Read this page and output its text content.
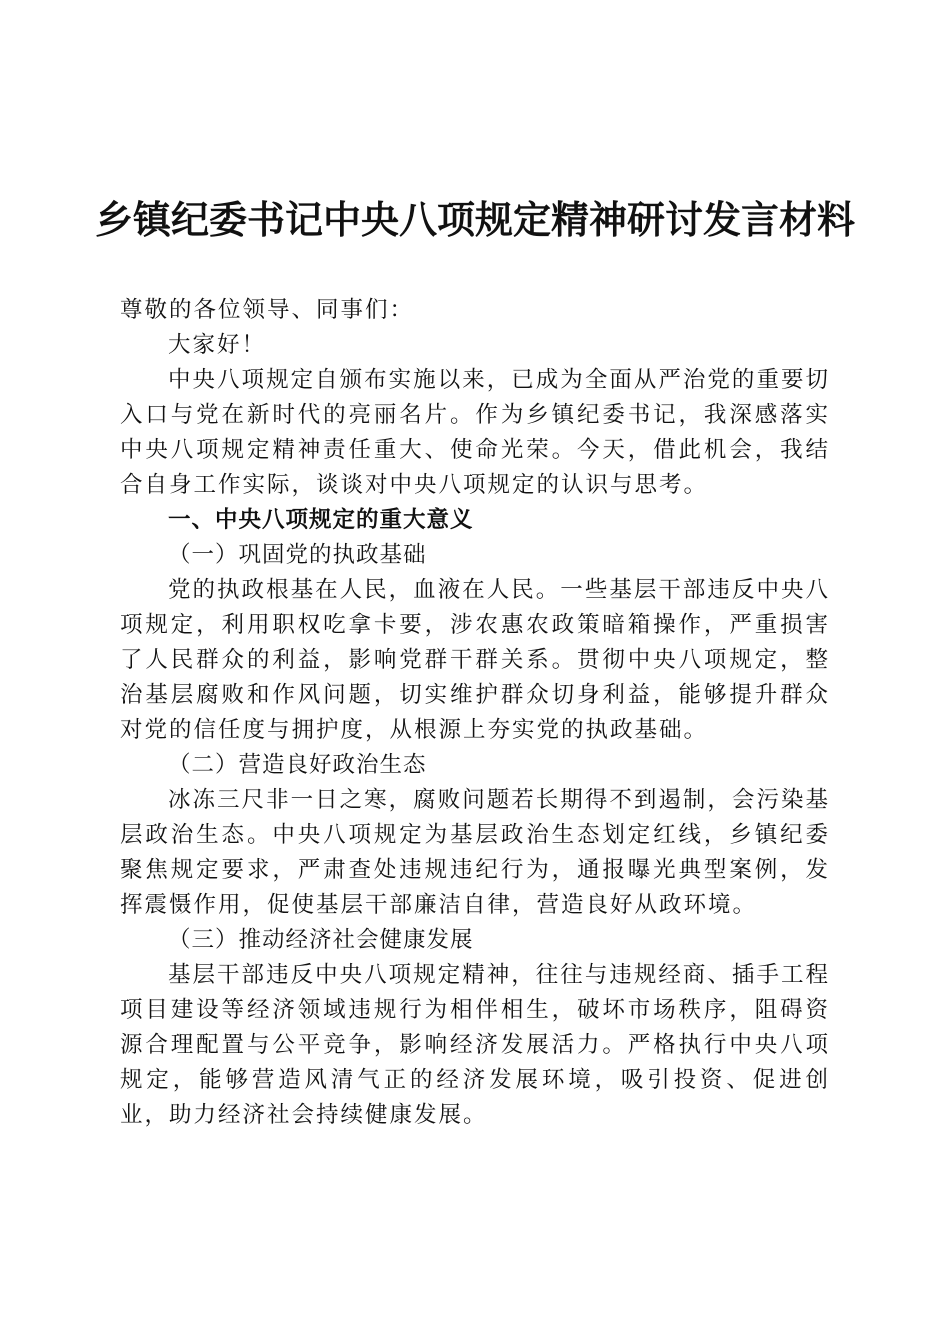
乡镇纪委书记中央八项规定精神研讨发言材料

尊敬的各位领导、同事们：

大家好！

中央八项规定自颁布实施以来，已成为全面从严治党的重要切入口与党在新时代的亮丽名片。作为乡镇纪委书记，我深感落实中央八项规定精神责任重大、使命光荣。今天，借此机会，我结合自身工作实际，谈谈对中央八项规定的认识与思考。

一、中央八项规定的重大意义

（一）巩固党的执政基础

党的执政根基在人民，血液在人民。一些基层干部违反中央八项规定，利用职权吃拿卡要，涉农惠农政策暗箱操作，严重损害了人民群众的利益，影响党群干群关系。贯彻中央八项规定，整治基层腐败和作风问题，切实维护群众切身利益，能够提升群众对党的信任度与拥护度，从根源上夯实党的执政基础。

（二）营造良好政治生态

冰冻三尺非一日之寒，腐败问题若长期得不到遏制，会污染基层政治生态。中央八项规定为基层政治生态划定红线，乡镇纪委聚焦规定要求，严肃查处违规违纪行为，通报曝光典型案例，发挥震慑作用，促使基层干部廉洁自律，营造良好从政环境。

（三）推动经济社会健康发展

基层干部违反中央八项规定精神，往往与违规经商、插手工程项目建设等经济领域违规行为相伴相生，破坏市场秩序，阻碍资源合理配置与公平竞争，影响经济发展活力。严格执行中央八项规定，能够营造风清气正的经济发展环境，吸引投资、促进创业，助力经济社会持续健康发展。
